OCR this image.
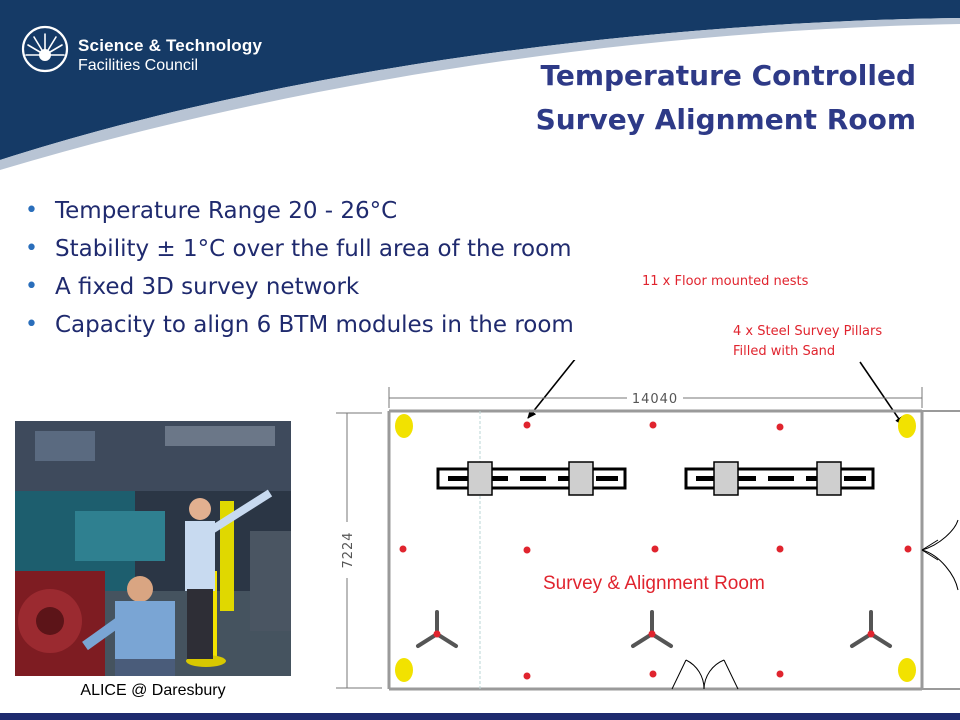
Science & Technology
Facilities Council	Temperature Controlled
Survey Alignment Room
• Temperature Range 20 - 26°C
• Stability ± 1°C over the full area of the room
• A fixed 3D survey network
• Capacity to align 6 BTM modules in the room
11 x Floor mounted nests
4 x Steel Survey Pillars
Filled with Sand
14040
7224
Survey & Alignment Room
ALICE @ Daresbury
